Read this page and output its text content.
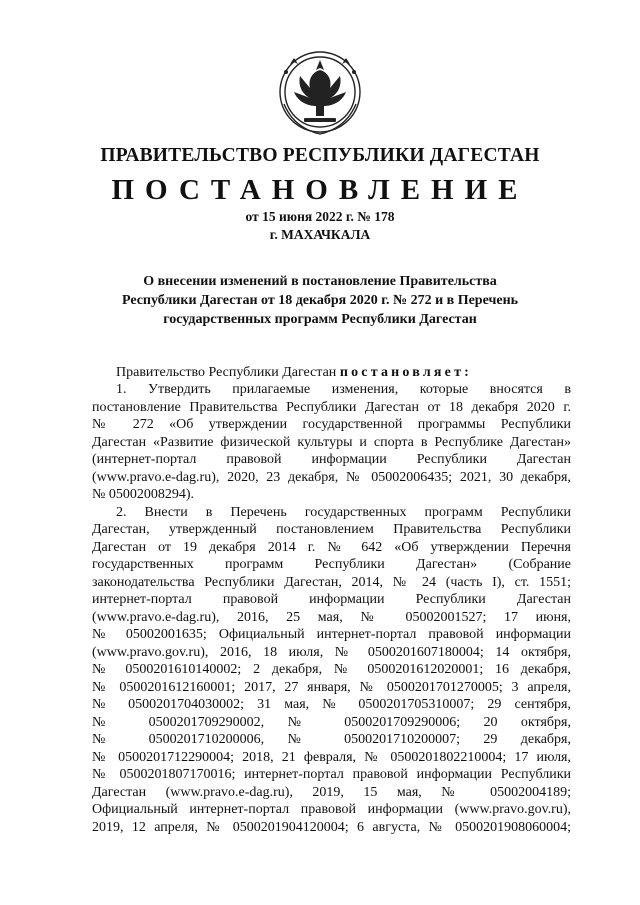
ПРАВИТЕЛЬСТВО РЕСПУБЛИКИ ДАГЕСТАН
ПОСТАНОВЛЕНИЕ
от 15 июня 2022 г. № 178
г. МАХАЧКАЛА
О внесении изменений в постановление Правительства
Республики Дагестан от 18 декабря 2020 г. № 272 и в Перечень
государственных программ Республики Дагестан
Правительство Республики Дагестан постановляет:
1. Утвердить прилагаемые изменения, которые вносятся в
постановление Правительства Республики Дагестан от 18 декабря 2020 г.
№ 272 «Об утверждении государственной программы Республики
Дагестан «Развитие физической культуры и спорта в Республике Дагестан»
(интернет-портал правовой информации Республики Дагестан
(www.pravo.e-dag.ru), 2020, 23 декабря, № 05002006435; 2021, 30 декабря,
№ 05002008294).
2. Внести в Перечень государственных программ Республики
Дагестан, утвержденный постановлением Правительства Республики
Дагестан от 19 декабря 2014 г. № 642 «Об утверждении Перечня
государственных программ Республики Дагестан» (Собрание
законодательства Республики Дагестан, 2014, № 24 (часть I), ст. 1551;
интернет-портал правовой информации Республики Дагестан
(www.pravo.e-dag.ru), 2016, 25 мая, № 05002001527; 17 июня,
№ 05002001635; Официальный интернет-портал правовой информации
(www.pravo.gov.ru), 2016, 18 июля, № 0500201607180004; 14 октября,
№ 0500201610140002; 2 декабря, № 0500201612020001; 16 декабря,
№ 0500201612160001; 2017, 27 января, № 0500201701270005; 3 апреля,
№ 0500201704030002; 31 мая, № 0500201705310007; 29 сентября,
№ 0500201709290002, № 0500201709290006; 20 октября,
№ 0500201710200006, № 0500201710200007; 29 декабря,
№ 0500201712290004; 2018, 21 февраля, № 0500201802210004; 17 июля,
№ 0500201807170016; интернет-портал правовой информации Республики
Дагестан (www.pravo.e-dag.ru), 2019, 15 мая, № 05002004189;
Официальный интернет-портал правовой информации (www.pravo.gov.ru),
2019, 12 апреля, № 0500201904120004; 6 августа, № 0500201908060004;
